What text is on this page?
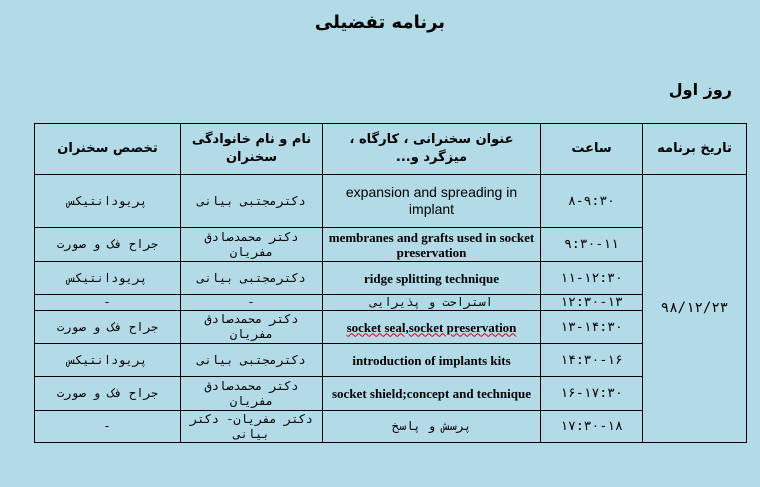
برنامه تفضیلی
روز اول
تاریخ برنامه	ساعت	عنوان سخنرانی ، کارگاه ، میزگرد و...	نام و نام خانوادگی سخنران	تخصص سخنران
۹۸/۱۲/۲۳	۸-۹:۳۰	expansion and spreading in implant	دکترمجتبی بیانی	پریودانتیکس
	۹:۳۰-۱۱	membranes and grafts used in socket preservation	دکتر محمدصادق مفریان	جراح فک و صورت
	۱۱-۱۲:۳۰	ridge splitting technique	دکترمجتبی بیانی	پریودانتیکس
	۱۲:۳۰-۱۳	استراحت و پذیرایی	-	-
	۱۳-۱۴:۳۰	socket seal,socket preservation	دکتر محمدصادق مفریان	جراح فک و صورت
	۱۴:۳۰-۱۶	introduction of implants kits	دکترمجتبی بیانی	پریودانتیکس
	۱۶-۱۷:۳۰	socket shield;concept and technique	دکتر محمدصادق مفریان	جراح فک و صورت
	۱۷:۳۰-۱۸	پرسش و پاسخ	دکتر مفریان- دکتر بیانی	-
